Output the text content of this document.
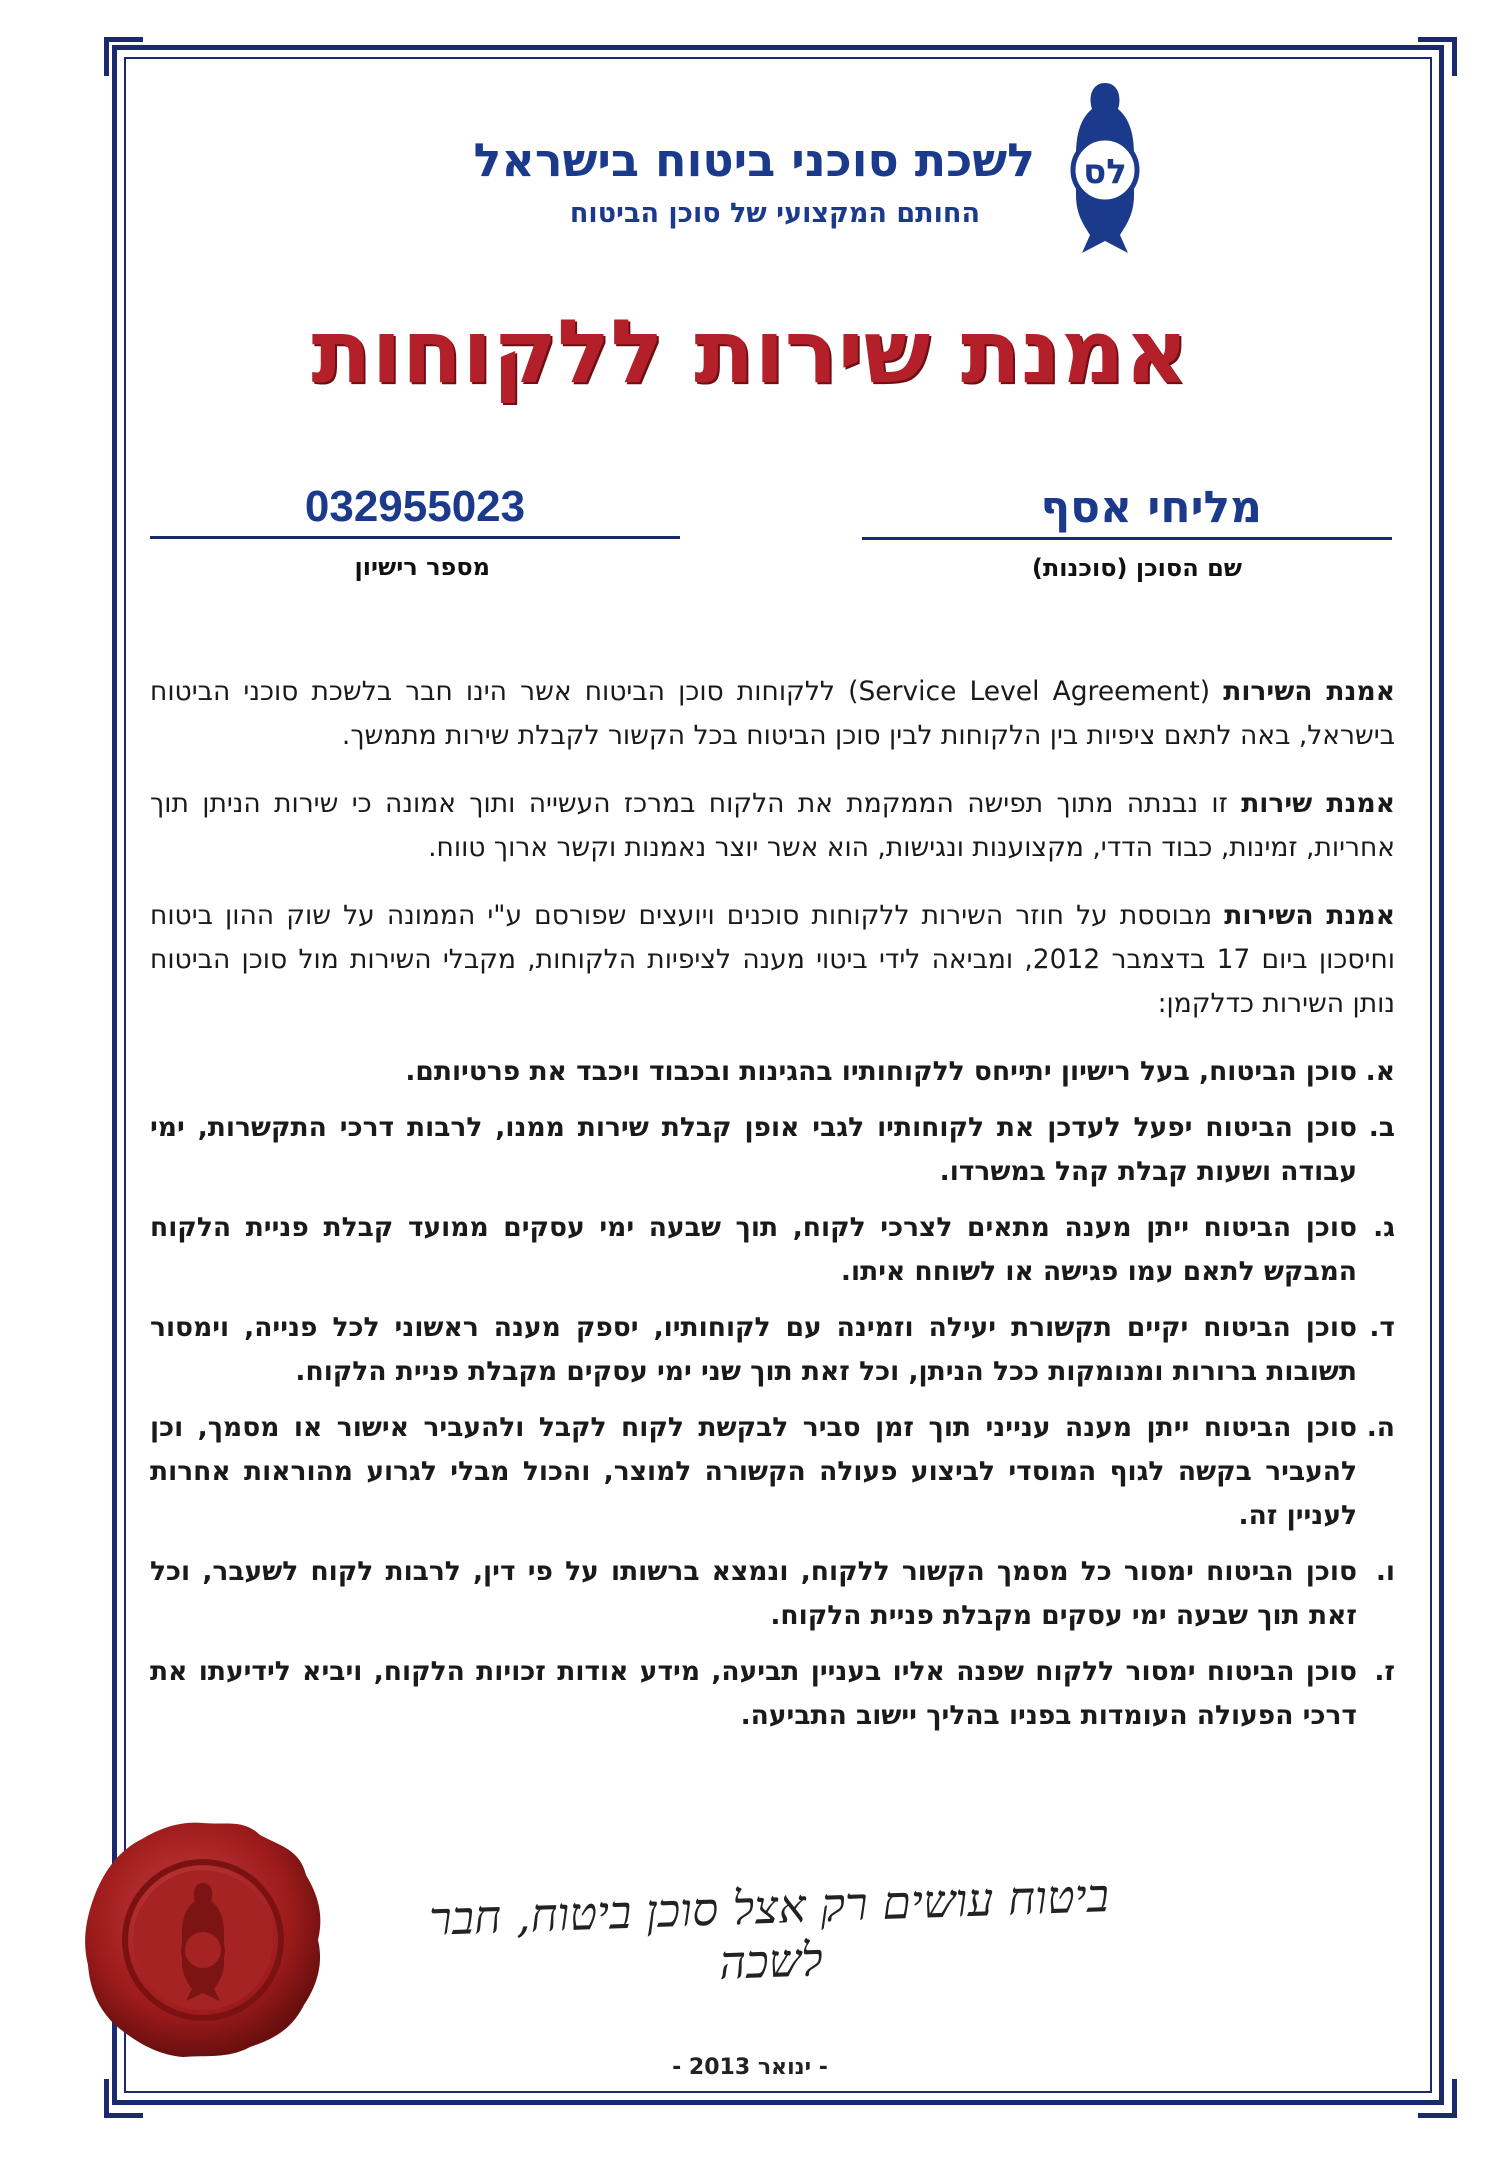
לס
לשכת סוכני ביטוח בישראל
החותם המקצועי של סוכן הביטוח
אמנת שירות ללקוחות
מליחי אסף
שם הסוכן (סוכנות)
032955023
מספר רישיון

אמנת השירות (Service Level Agreement) ללקוחות סוכן הביטוח אשר הינו חבר בלשכת סוכני הביטוח בישראל, באה לתאם ציפיות בין הלקוחות לבין סוכן הביטוח בכל הקשור לקבלת שירות מתמשך.

אמנת שירות זו נבנתה מתוך תפישה הממקמת את הלקוח במרכז העשייה ותוך אמונה כי שירות הניתן תוך אחריות, זמינות, כבוד הדדי, מקצוענות ונגישות, הוא אשר יוצר נאמנות וקשר ארוך טווח.

אמנת השירות מבוססת על חוזר השירות ללקוחות סוכנים ויועצים שפורסם ע"י הממונה על שוק ההון ביטוח וחיסכון ביום 17 בדצמבר 2012, ומביאה לידי ביטוי מענה לציפיות הלקוחות, מקבלי השירות מול סוכן הביטוח נותן השירות כדלקמן:

א.
סוכן הביטוח, בעל רישיון יתייחס ללקוחותיו בהגינות ובכבוד ויכבד את פרטיותם.
ב.
סוכן הביטוח יפעל לעדכן את לקוחותיו לגבי אופן קבלת שירות ממנו, לרבות דרכי התקשרות, ימי עבודה ושעות קבלת קהל במשרדו.
ג.
סוכן הביטוח ייתן מענה מתאים לצרכי לקוח, תוך שבעה ימי עסקים ממועד קבלת פניית הלקוח המבקש לתאם עמו פגישה או לשוחח איתו.
ד.
סוכן הביטוח יקיים תקשורת יעילה וזמינה עם לקוחותיו, יספק מענה ראשוני לכל פנייה, וימסור תשובות ברורות ומנומקות ככל הניתן, וכל זאת תוך שני ימי עסקים מקבלת פניית הלקוח.
ה.
סוכן הביטוח ייתן מענה ענייני תוך זמן סביר לבקשת לקוח לקבל ולהעביר אישור או מסמך, וכן להעביר בקשה לגוף המוסדי לביצוע פעולה הקשורה למוצר, והכול מבלי לגרוע מהוראות אחרות לעניין זה.
ו.
סוכן הביטוח ימסור כל מסמך הקשור ללקוח, ונמצא ברשותו על פי דין, לרבות לקוח לשעבר, וכל זאת תוך שבעה ימי עסקים מקבלת פניית הלקוח.
ז.
סוכן הביטוח ימסור ללקוח שפנה אליו בעניין תביעה, מידע אודות זכויות הלקוח, ויביא לידיעתו את דרכי הפעולה העומדות בפניו בהליך יישוב התביעה.
ביטוח עושים רק אצל סוכן ביטוח, חבר לשכה
- ינואר 2013 -
